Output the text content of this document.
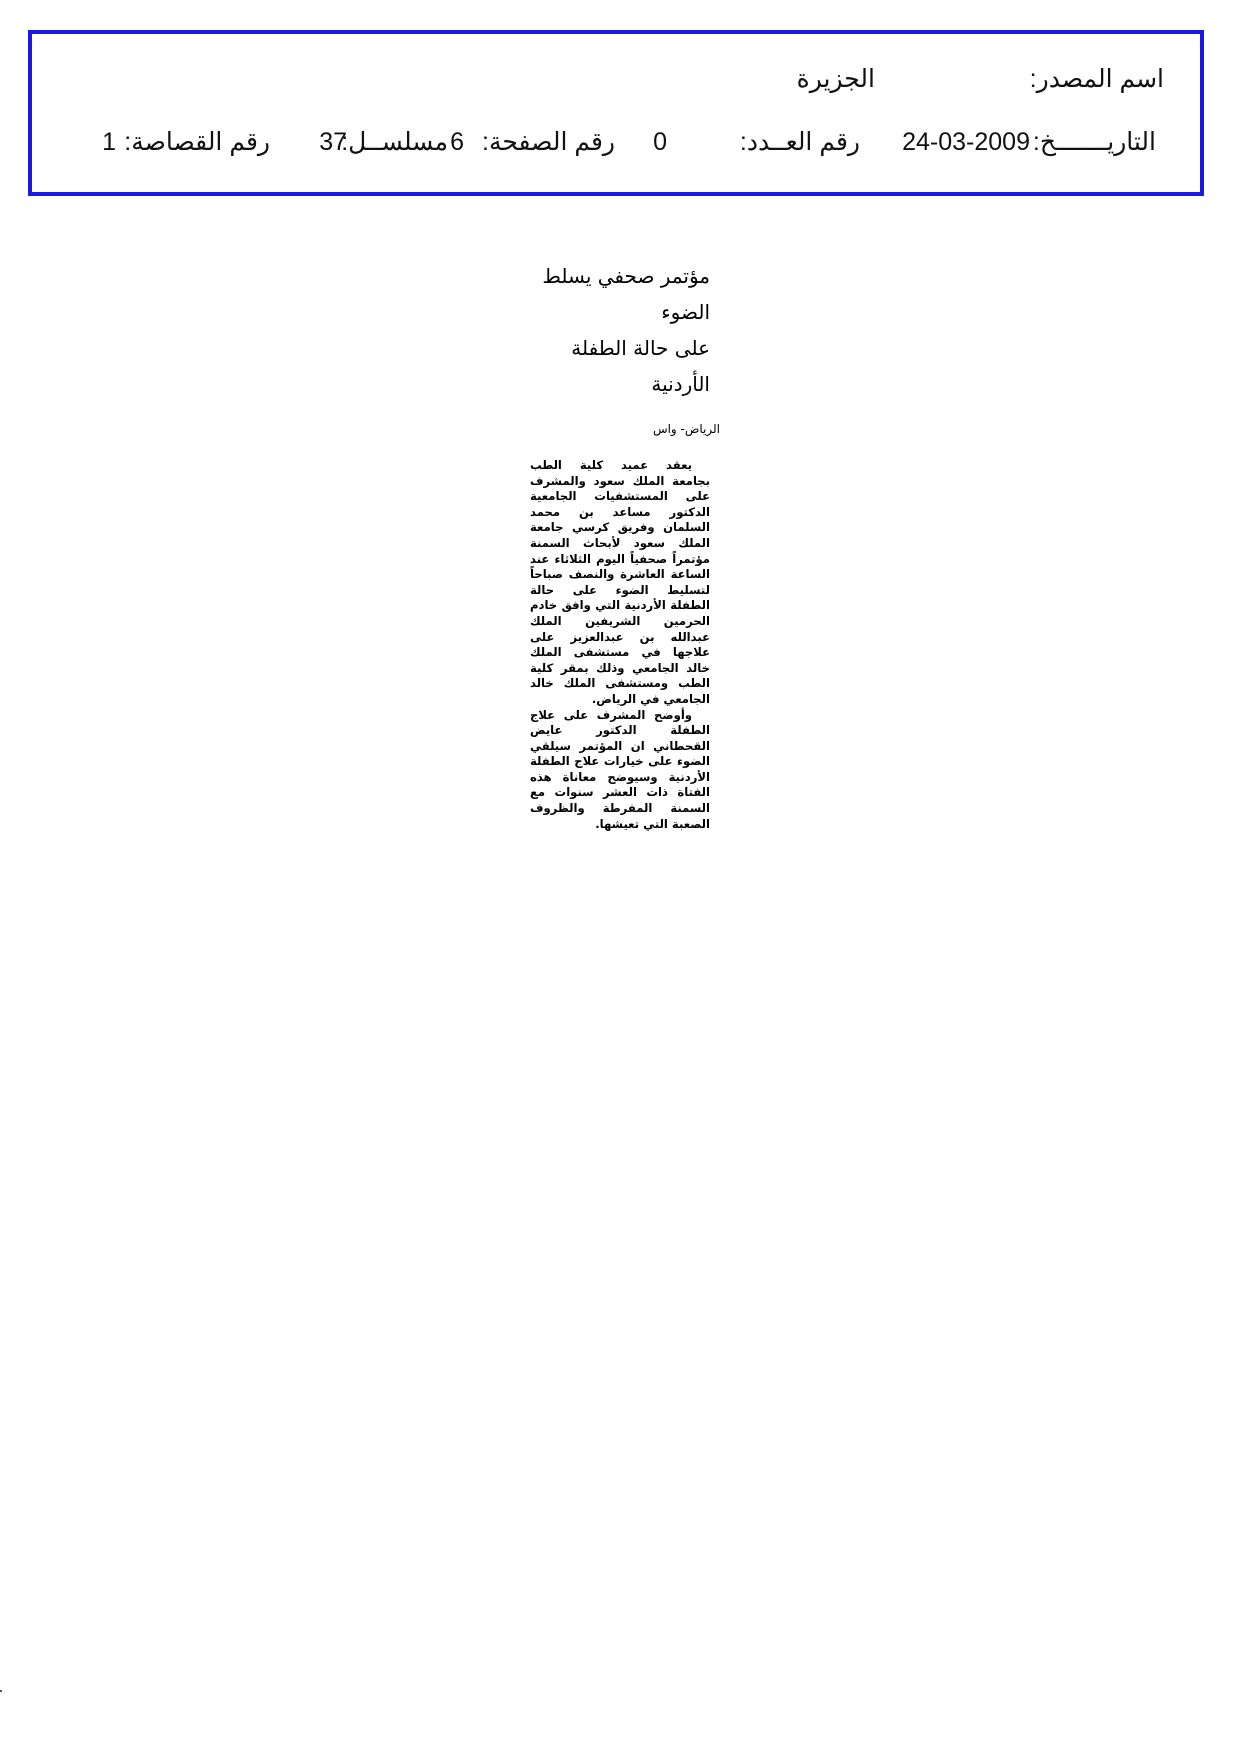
اسم المصدر:
الجزيرة
التاريـــــــخ:
24-03-2009
رقم العــدد:
0
رقم الصفحة:
6
مسلســل:
37
رقم القصاصة:
1
مؤتمر صحفي يسلط الضوء
على حالة الطفلة الأردنية
الرياض- واس

يعقد عميد كلية الطب بجامعة الملك سعود والمشرف على المستشفيات الجامعية الدكتور مساعد بن محمد السلمان وفريق كرسي جامعة الملك سعود لأبحاث السمنة مؤتمراً صحفياً اليوم الثلاثاء عند الساعة العاشرة والنصف صباحاً لتسليط الضوء على حالة الطفلة الأردنية التي وافق خادم الحرمين الشريفين الملك عبدالله بن عبدالعزيز على علاجها في مستشفى الملك خالد الجامعي وذلك بمقر كلية الطب ومستشفى الملك خالد الجامعي في الرياض.

وأوضح المشرف على علاج الطفلة الدكتور عايض القحطاني ان المؤتمر سيلقي الضوء على خيارات علاج الطفلة الأردنية وسيوضح معاناة هذه الفتاة ذات العشر سنوات مع السمنة المفرطة والظروف الصعبة التي تعيشها.
